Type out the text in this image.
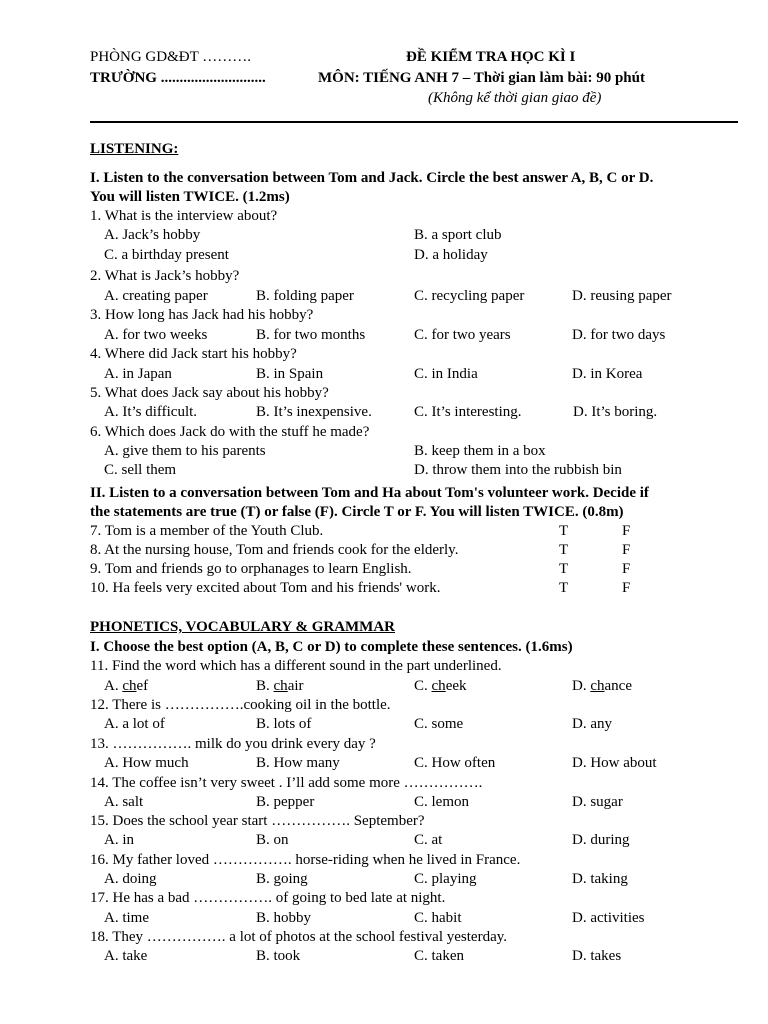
PHÒNG GD&ĐT ……….
TRƯỜNG ............................
ĐỀ KIỂM TRA HỌC KÌ I
MÔN: TIẾNG ANH 7 – Thời gian làm bài: 90 phút
(Không kể thời gian giao đề)
LISTENING:
I. Listen to the conversation between Tom and Jack. Circle the best answer A, B, C or D.
You will listen TWICE. (1.2ms)
1. What is the interview about?
A. Jack’s hobby	B. a sport club
C. a birthday present	D. a holiday
2. What is Jack’s hobby?
A. creating paper	B. folding paper	C. recycling paper	D. reusing paper
3. How long has Jack had his hobby?
A. for two weeks	B. for two months	C. for two years	D. for two days
4. Where did Jack start his hobby?
A. in Japan	B. in Spain	C. in India	D. in Korea
5. What does Jack say about his hobby?
A. It’s difficult.	B. It’s inexpensive.	C. It’s interesting.	D. It’s boring.
6. Which does Jack do with the stuff he made?
A. give them to his parents	B. keep them in a box
C. sell them	D. throw them into the rubbish bin
II. Listen to a conversation between Tom and Ha about Tom's volunteer work. Decide if
the statements are true (T) or false (F). Circle T or F. You will listen TWICE. (0.8m)
7. Tom is a member of the Youth Club.	T	F
8. At the nursing house, Tom and friends cook for the elderly.	T	F
9. Tom and friends go to orphanages to learn English.	T	F
10. Ha feels very excited about Tom and his friends' work.	T	F
PHONETICS, VOCABULARY & GRAMMAR
I. Choose the best option (A, B, C or D) to complete these sentences. (1.6ms)
11. Find the word which has a different sound in the part underlined.
A. chef	B. chair	C. cheek	D. chance
12. There is …………….cooking oil in the bottle.
A. a lot of	B. lots of	C. some	D. any
13. ……………. milk do you drink every day ?
A. How much	B. How many	C. How often	D. How about
14. The coffee isn’t very sweet . I’ll add some more …………….
A. salt	B. pepper	C. lemon	D. sugar
15. Does the school year start ……………. September?
A. in	B. on	C. at	D. during
16. My father loved ……………. horse-riding when he lived in France.
A. doing	B. going	C. playing	D. taking
17. He has a bad ……………. of going to bed late at night.
A. time	B. hobby	C. habit	D. activities
18. They ……………. a lot of photos at the school festival yesterday.
A. take	B. took	C. taken	D. takes
